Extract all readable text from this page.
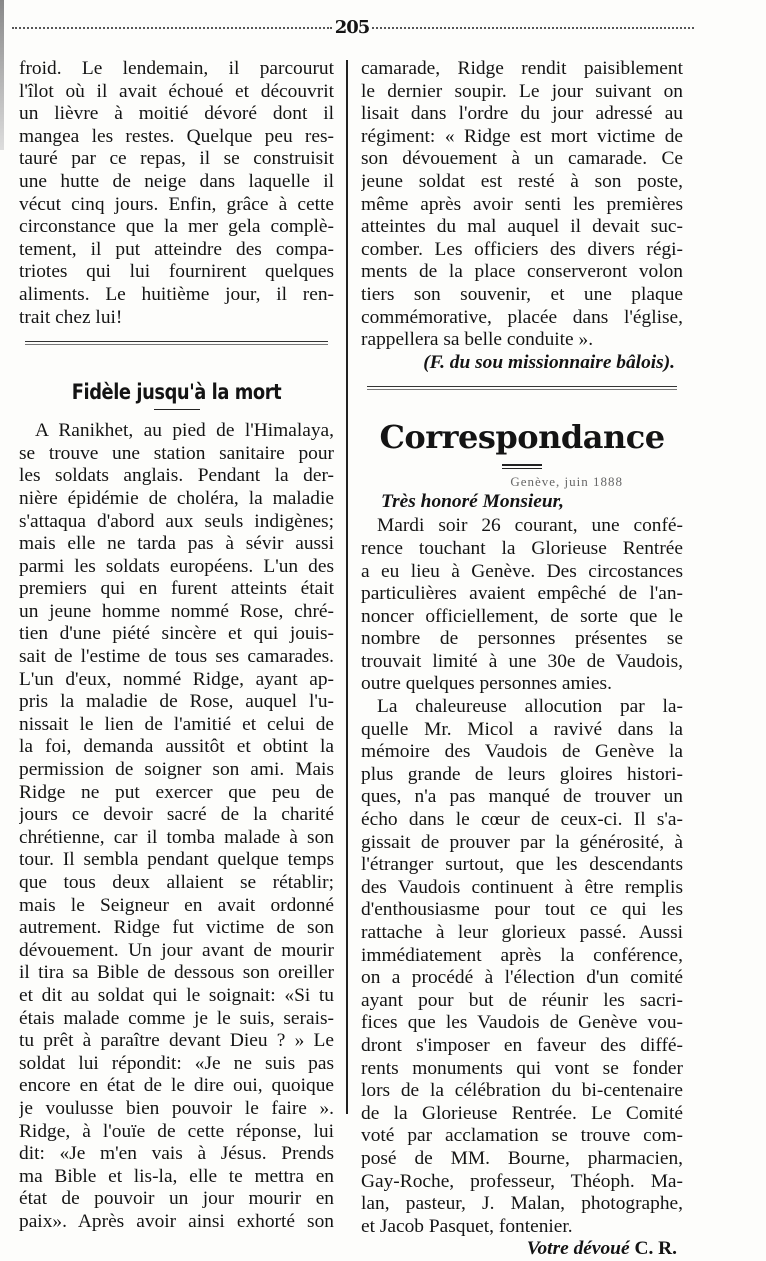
205
froid. Le lendemain, il parcourut
l'îlot où il avait échoué et découvrit
un lièvre à moitié dévoré dont il
mangea les restes. Quelque peu res-
tauré par ce repas, il se construisit
une hutte de neige dans laquelle il
vécut cinq jours. Enfin, grâce à cette
circonstance que la mer gela complè-
tement, il put atteindre des compa-
triotes qui lui fournirent quelques
aliments. Le huitième jour, il ren-
trait chez lui!
Fidèle jusqu'à la mort
A Ranikhet, au pied de l'Himalaya,
se trouve une station sanitaire pour
les soldats anglais. Pendant la der-
nière épidémie de choléra, la maladie
s'attaqua d'abord aux seuls indigènes;
mais elle ne tarda pas à sévir aussi
parmi les soldats européens. L'un des
premiers qui en furent atteints était
un jeune homme nommé Rose, chré-
tien d'une piété sincère et qui jouis-
sait de l'estime de tous ses camarades.
L'un d'eux, nommé Ridge, ayant ap-
pris la maladie de Rose, auquel l'u-
nissait le lien de l'amitié et celui de
la foi, demanda aussitôt et obtint la
permission de soigner son ami. Mais
Ridge ne put exercer que peu de
jours ce devoir sacré de la charité
chrétienne, car il tomba malade à son
tour. Il sembla pendant quelque temps
que tous deux allaient se rétablir;
mais le Seigneur en avait ordonné
autrement. Ridge fut victime de son
dévouement. Un jour avant de mourir
il tira sa Bible de dessous son oreiller
et dit au soldat qui le soignait: «Si tu
étais malade comme je le suis, serais-
tu prêt à paraître devant Dieu ? » Le
soldat lui répondit: «Je ne suis pas
encore en état de le dire oui, quoique
je voulusse bien pouvoir le faire ».
Ridge, à l'ouïe de cette réponse, lui
dit: «Je m'en vais à Jésus. Prends
ma Bible et lis-la, elle te mettra en
état de pouvoir un jour mourir en
paix». Après avoir ainsi exhorté son
camarade, Ridge rendit paisiblement
le dernier soupir. Le jour suivant on
lisait dans l'ordre du jour adressé au
régiment: « Ridge est mort victime de
son dévouement à un camarade. Ce
jeune soldat est resté à son poste,
même après avoir senti les premières
atteintes du mal auquel il devait suc-
comber. Les officiers des divers régi-
ments de la place conserveront volon
tiers son souvenir, et une plaque
commémorative, placée dans l'église,
rappellera sa belle conduite ».
(F. du sou missionnaire bâlois).
Correspondance
Genève, juin 1888
Très honoré Monsieur,
Mardi soir 26 courant, une confé-
rence touchant la Glorieuse Rentrée
a eu lieu à Genève. Des circostances
particulières avaient empêché de l'an-
noncer officiellement, de sorte que le
nombre de personnes présentes se
trouvait limité à une 30e de Vaudois,
outre quelques personnes amies.
La chaleureuse allocution par la-
quelle Mr. Micol a ravivé dans la
mémoire des Vaudois de Genève la
plus grande de leurs gloires histori-
ques, n'a pas manqué de trouver un
écho dans le cœur de ceux-ci. Il s'a-
gissait de prouver par la générosité, à
l'étranger surtout, que les descendants
des Vaudois continuent à être remplis
d'enthousiasme pour tout ce qui les
rattache à leur glorieux passé. Aussi
immédiatement après la conférence,
on a procédé à l'élection d'un comité
ayant pour but de réunir les sacri-
fices que les Vaudois de Genève vou-
dront s'imposer en faveur des diffé-
rents monuments qui vont se fonder
lors de la célébration du bi-centenaire
de la Glorieuse Rentrée. Le Comité
voté par acclamation se trouve com-
posé de MM. Bourne, pharmacien,
Gay-Roche, professeur, Théoph. Ma-
lan, pasteur, J. Malan, photographe,
et Jacob Pasquet, fontenier.
Votre dévoué C. R.
